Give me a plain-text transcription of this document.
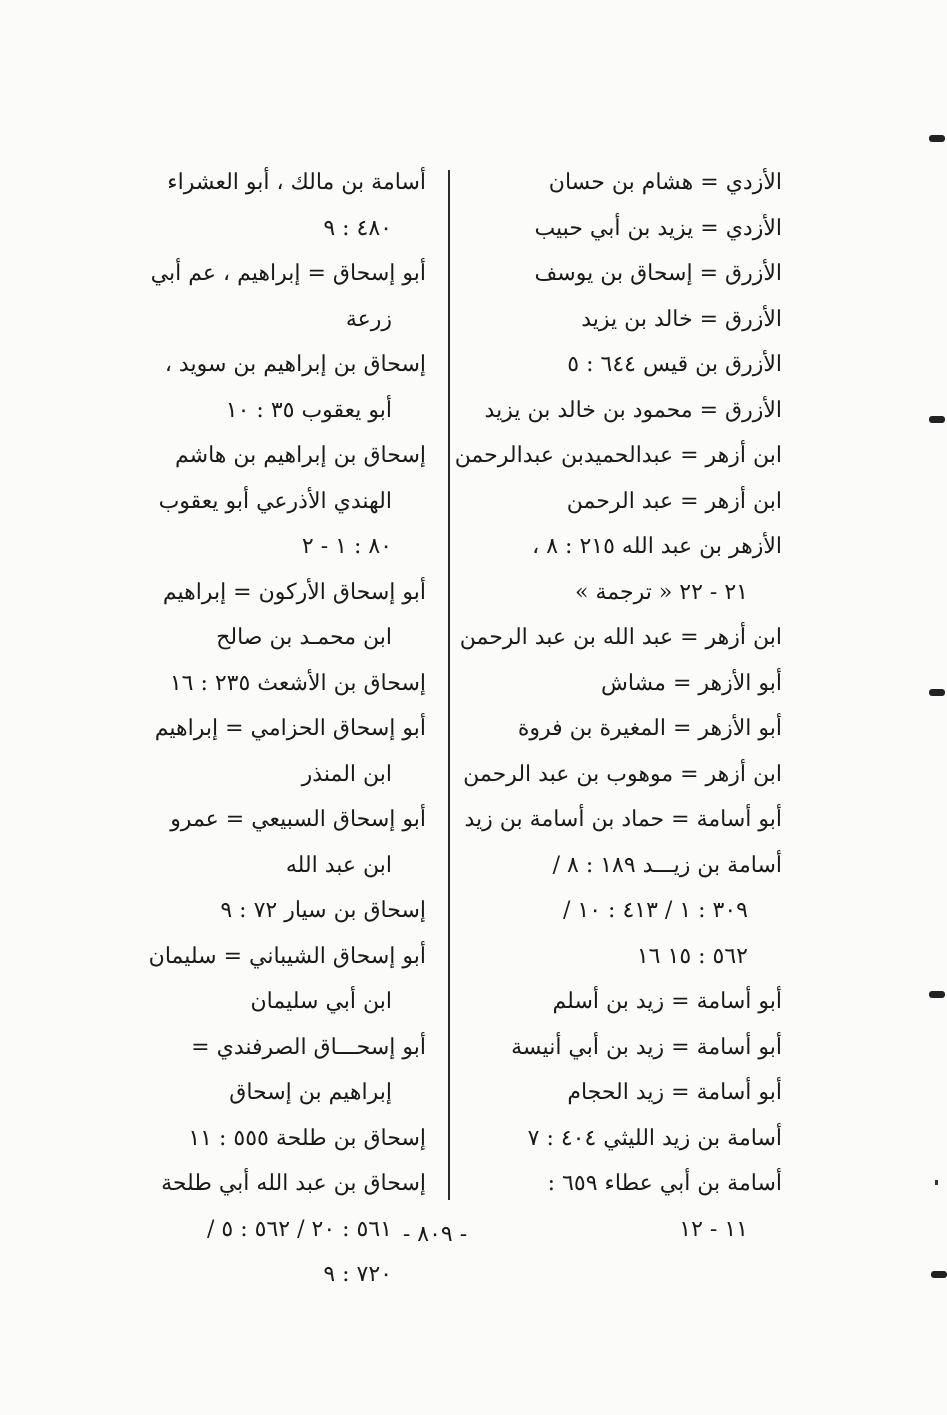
الأزدي = هشام بن حسان
الأزدي = يزيد بن أبي حبيب
الأزرق = إسحاق بن يوسف
الأزرق = خالد بن يزيد
الأزرق بن قيس ٦٤٤ : ٥
الأزرق = محمود بن خالد بن يزيد
ابن أزهر = عبدالحميدبن عبدالرحمن
ابن أزهر = عبد الرحمن
الأزهر بن عبد الله ٢١٥ : ٨ ،
٢١ - ٢٢ « ترجمة »
ابن أزهر = عبد الله بن عبد الرحمن
أبو الأزهر = مشاش
أبو الأزهر = المغيرة بن فروة
ابن أزهر = موهوب بن عبد الرحمن
أبو أسامة = حماد بن أسامة بن زيد
أسامة بن زيـــد ١٨٩ : ٨ /
٣٠٩ : ١ / ٤١٣ : ١٠ /
٥٦٢ : ١٥ ١٦
أبو أسامة = زيد بن أسلم
أبو أسامة = زيد بن أبي أنيسة
أبو أسامة = زيد الحجام
أسامة بن زيد الليثي ٤٠٤ : ٧
أسامة بن أبي عطاء ٦٥٩ :
١١ - ١٢
أسامة بن مالك ، أبو العشراء
٤٨٠ : ٩
أبو إسحاق = إبراهيم ، عم أبي
زرعة
إسحاق بن إبراهيم بن سويد ،
أبو يعقوب ٣٥ : ١٠
إسحاق بن إبراهيم بن هاشم
الهندي الأذرعي أبو يعقوب
٨٠ : ١ - ٢
أبو إسحاق الأركون = إبراهيم
ابن محمـد بن صالح
إسحاق بن الأشعث ٢٣٥ : ١٦
أبو إسحاق الحزامي = إبراهيم
ابن المنذر
أبو إسحاق السبيعي = عمرو
ابن عبد الله
إسحاق بن سيار ٧٢ : ٩
أبو إسحاق الشيباني = سليمان
ابن أبي سليمان
أبو إسحـــاق الصرفندي =
إبراهيم بن إسحاق
إسحاق بن طلحة ٥٥٥ : ١١
إسحاق بن عبد الله أبي طلحة
٥٦١ : ٢٠ / ٥٦٢ : ٥ /
٧٢٠ : ٩
- ٨٠٩ -
